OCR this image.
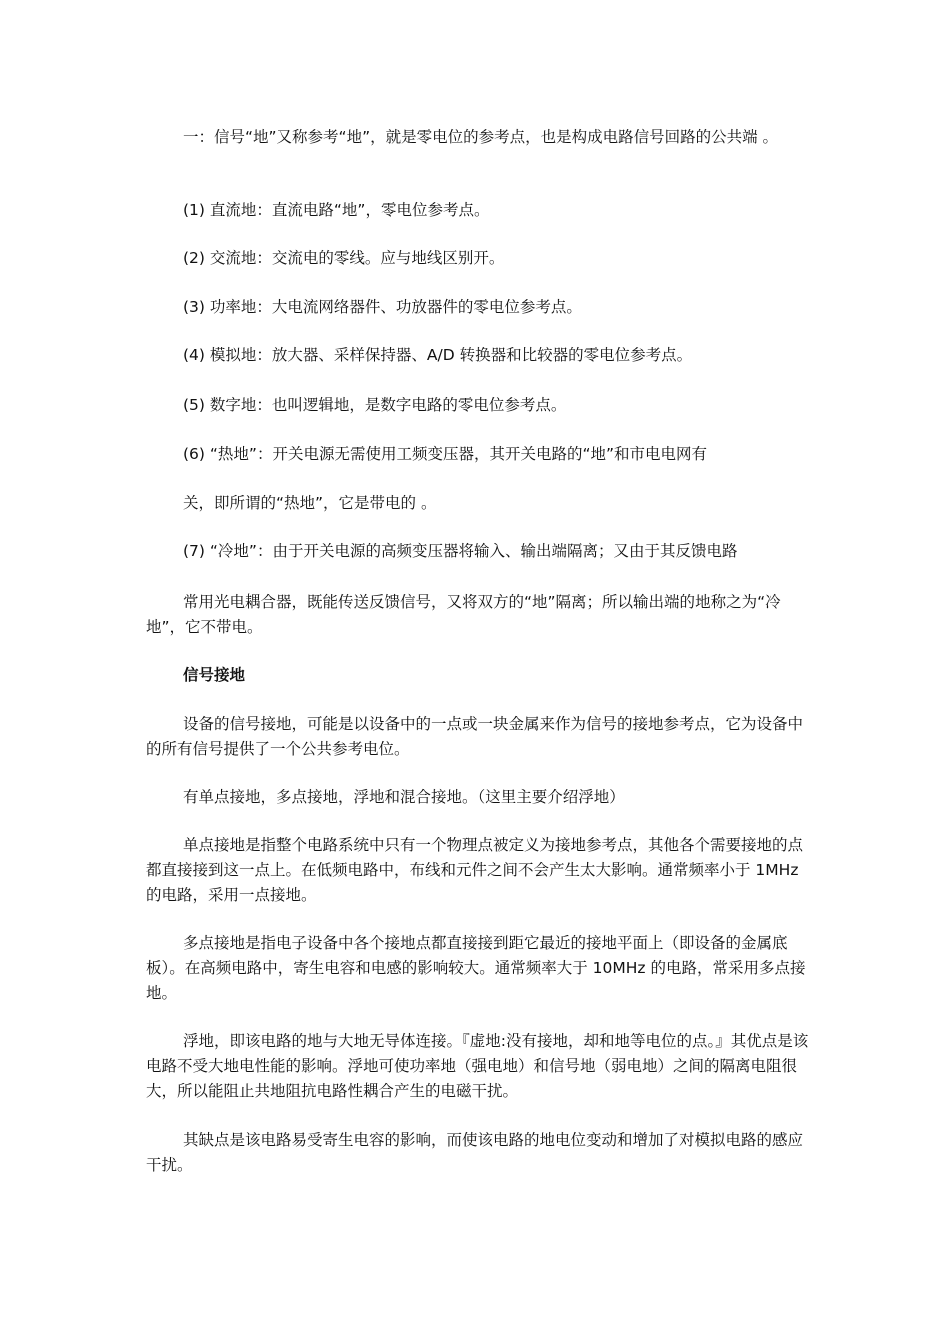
一：信号“地”又称参考“地”，就是零电位的参考点，也是构成电路信号回路的公共端 。

(1) 直流地：直流电路“地”，零电位参考点。

(2) 交流地：交流电的零线。应与地线区别开。

(3) 功率地：大电流网络器件、功放器件的零电位参考点。

(4) 模拟地：放大器、采样保持器、A/D 转换器和比较器的零电位参考点。

(5) 数字地：也叫逻辑地，是数字电路的零电位参考点。

(6) “热地”：开关电源无需使用工频变压器，其开关电路的“地”和市电电网有

关，即所谓的“热地”，它是带电的 。

(7) “冷地”：由于开关电源的高频变压器将输入、输出端隔离；又由于其反馈电路

常用光电耦合器，既能传送反馈信号，又将双方的“地”隔离；所以输出端的地称之为“冷地”，它不带电。

信号接地

设备的信号接地，可能是以设备中的一点或一块金属来作为信号的接地参考点，它为设备中的所有信号提供了一个公共参考电位。

有单点接地，多点接地，浮地和混合接地。（这里主要介绍浮地）

单点接地是指整个电路系统中只有一个物理点被定义为接地参考点，其他各个需要接地的点都直接接到这一点上。在低频电路中，布线和元件之间不会产生太大影响。通常频率小于 1MHz 的电路，采用一点接地。

多点接地是指电子设备中各个接地点都直接接到距它最近的接地平面上（即设备的金属底板）。在高频电路中，寄生电容和电感的影响较大。通常频率大于 10MHz 的电路，常采用多点接地。

浮地，即该电路的地与大地无导体连接。『虚地:没有接地，却和地等电位的点。』其优点是该电路不受大地电性能的影响。浮地可使功率地（强电地）和信号地（弱电地）之间的隔离电阻很大，所以能阻止共地阻抗电路性耦合产生的电磁干扰。

其缺点是该电路易受寄生电容的影响，而使该电路的地电位变动和增加了对模拟电路的感应干扰。
